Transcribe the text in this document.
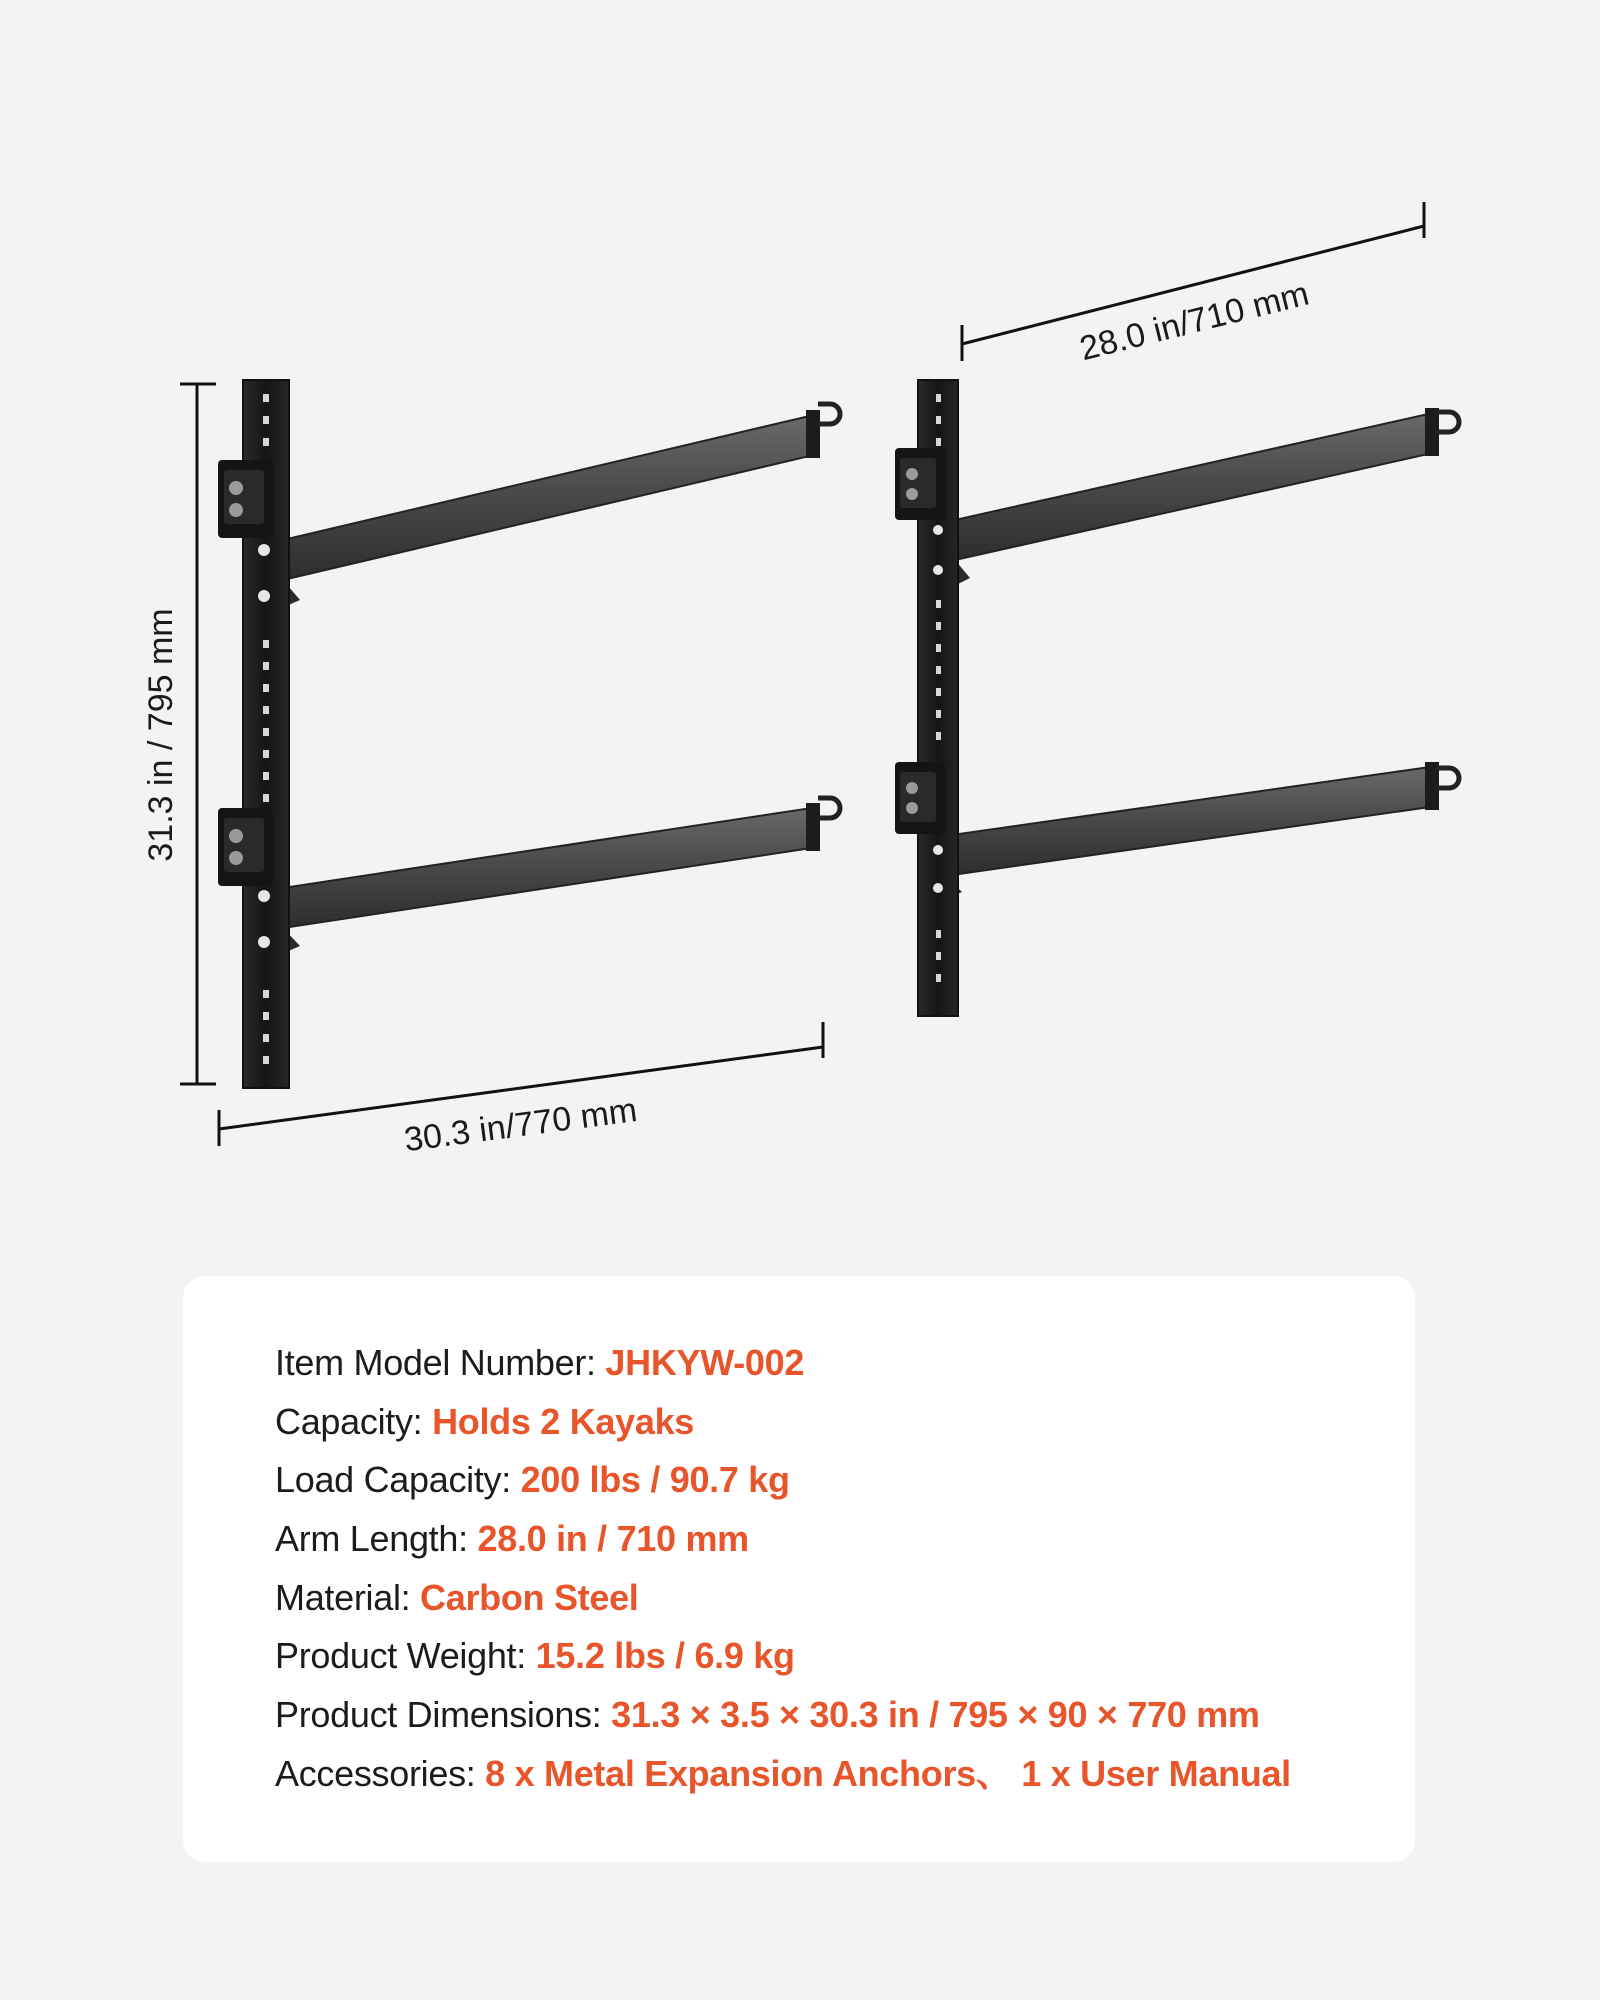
31.3 in / 795 mm
30.3 in/770 mm
28.0 in/710 mm
Item Model Number: JHKYW-002
Capacity: Holds 2 Kayaks
Load Capacity: 200 lbs / 90.7 kg
Arm Length: 28.0 in / 710 mm
Material: Carbon Steel
Product Weight: 15.2 lbs / 6.9 kg
Product Dimensions: 31.3 × 3.5 × 30.3 in / 795 × 90 × 770 mm
Accessories: 8 x Metal Expansion Anchors、 1 x User Manual
